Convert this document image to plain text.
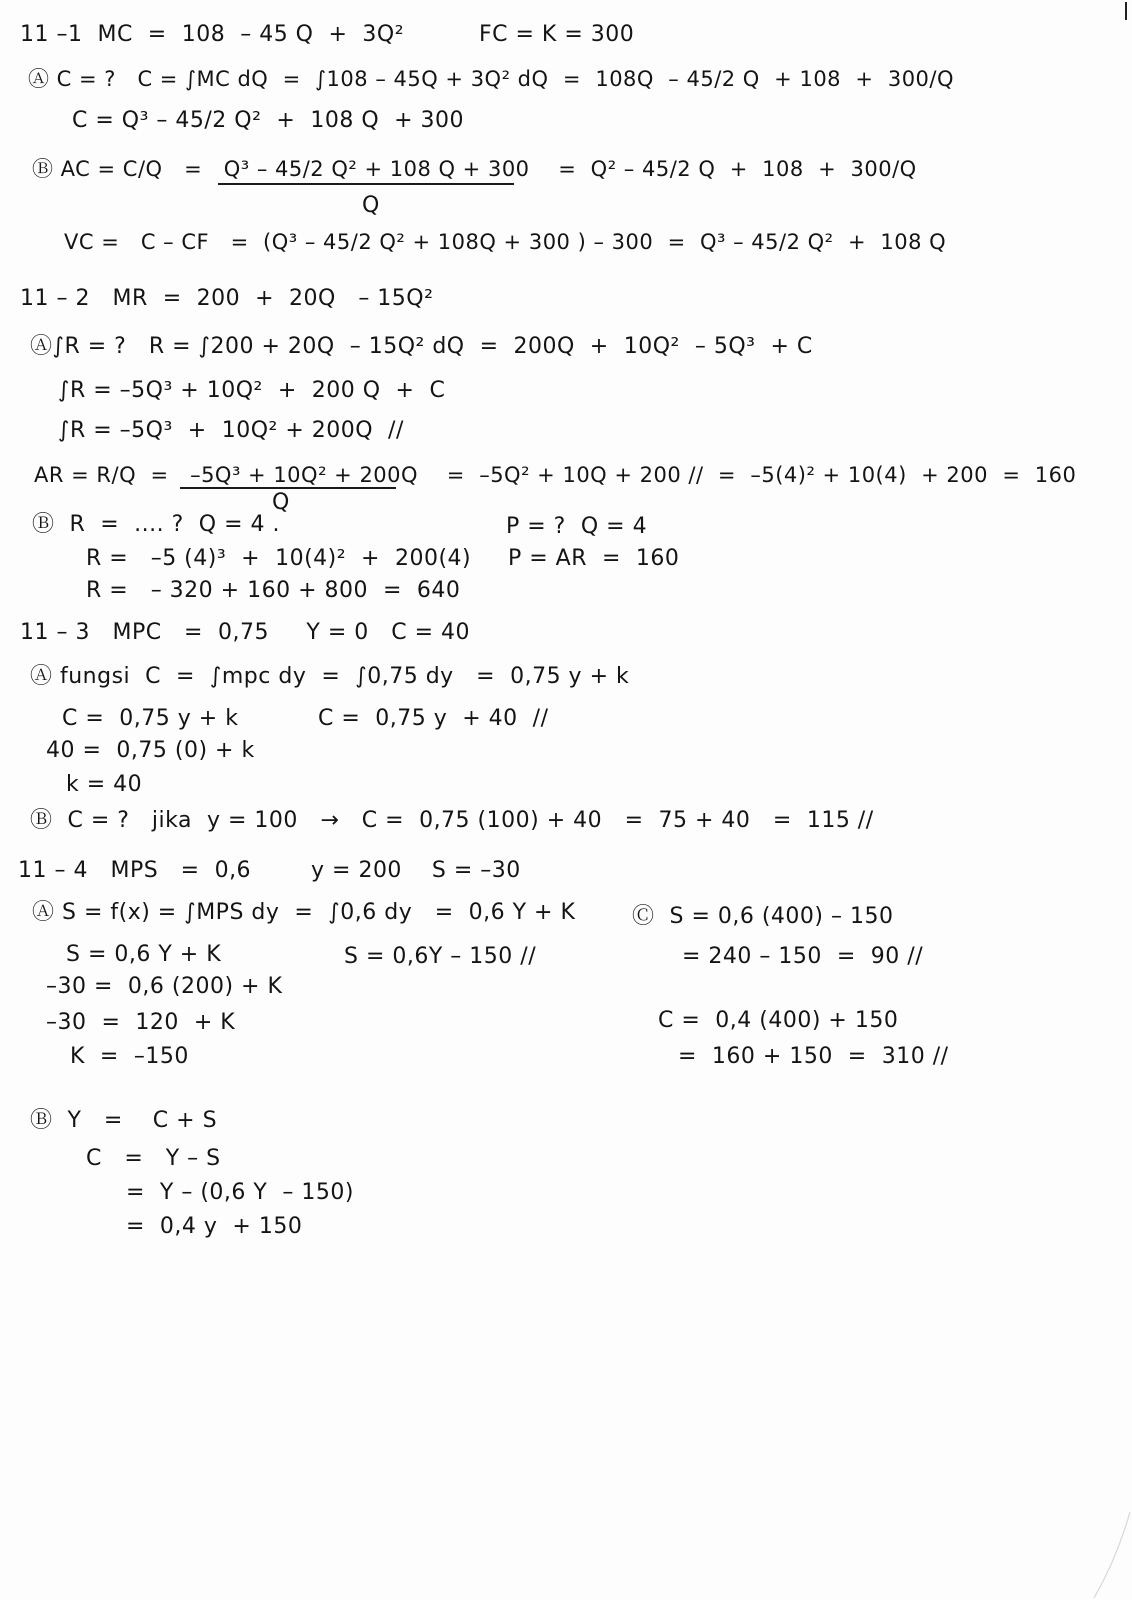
11 –1  MC  =  108  – 45 Q  +  3Q²          FC = K = 300
Ⓐ C = ?   C = ∫MC dQ  =  ∫108 – 45Q + 3Q² dQ  =  108Q  – 45/2 Q  + 108  +  300/Q
C = Q³ – 45/2 Q²  +  108 Q  + 300
Ⓑ AC = C/Q   =   Q³ – 45/2 Q² + 108 Q + 300    =  Q² – 45/2 Q  +  108  +  300/Q
Q
VC =   C – CF   =  (Q³ – 45/2 Q² + 108Q + 300 ) – 300  =  Q³ – 45/2 Q²  +  108 Q
11 – 2   MR  =  200  +  20Q   – 15Q²
Ⓐ∫R = ?   R = ∫200 + 20Q  – 15Q² dQ  =  200Q  +  10Q²  – 5Q³  + C
∫R = –5Q³ + 10Q²  +  200 Q  +  C
∫R = –5Q³  +  10Q² + 200Q  //
AR = R/Q  =   –5Q³ + 10Q² + 200Q    =  –5Q² + 10Q + 200 //  =  –5(4)² + 10(4)  + 200  =  160
Q
Ⓑ  R  =  .... ?  Q = 4 .	P = ?  Q = 4
R =   –5 (4)³  +  10(4)²  +  200(4) P = AR  =  160
R =   – 320 + 160 + 800  =  640
11 – 3   MPC   =  0,75     Y = 0   C = 40
Ⓐ fungsi  C  =  ∫mpc dy  =  ∫0,75 dy   =  0,75 y + k
C =  0,75 y + k	C =  0,75 y  + 40  //
40 =  0,75 (0) + k
k = 40
Ⓑ  C = ?   jika  y = 100   →   C =  0,75 (100) + 40   =  75 + 40   =  115 //
11 – 4   MPS   =  0,6        y = 200    S = –30
Ⓐ S = f(x) = ∫MPS dy  =  ∫0,6 dy   =  0,6 Y + K	Ⓒ  S = 0,6 (400) – 150
S = 0,6 Y + K	S = 0,6Y – 150 //	= 240 – 150  =  90 //
–30 =  0,6 (200) + K
C =  0,4 (400) + 150
–30  =  120  + K
=  160 + 150  =  310 //
K  =  –150
Ⓑ  Y   =    C + S
C   =   Y – S
=  Y – (0,6 Y  – 150)
=  0,4 y  + 150
